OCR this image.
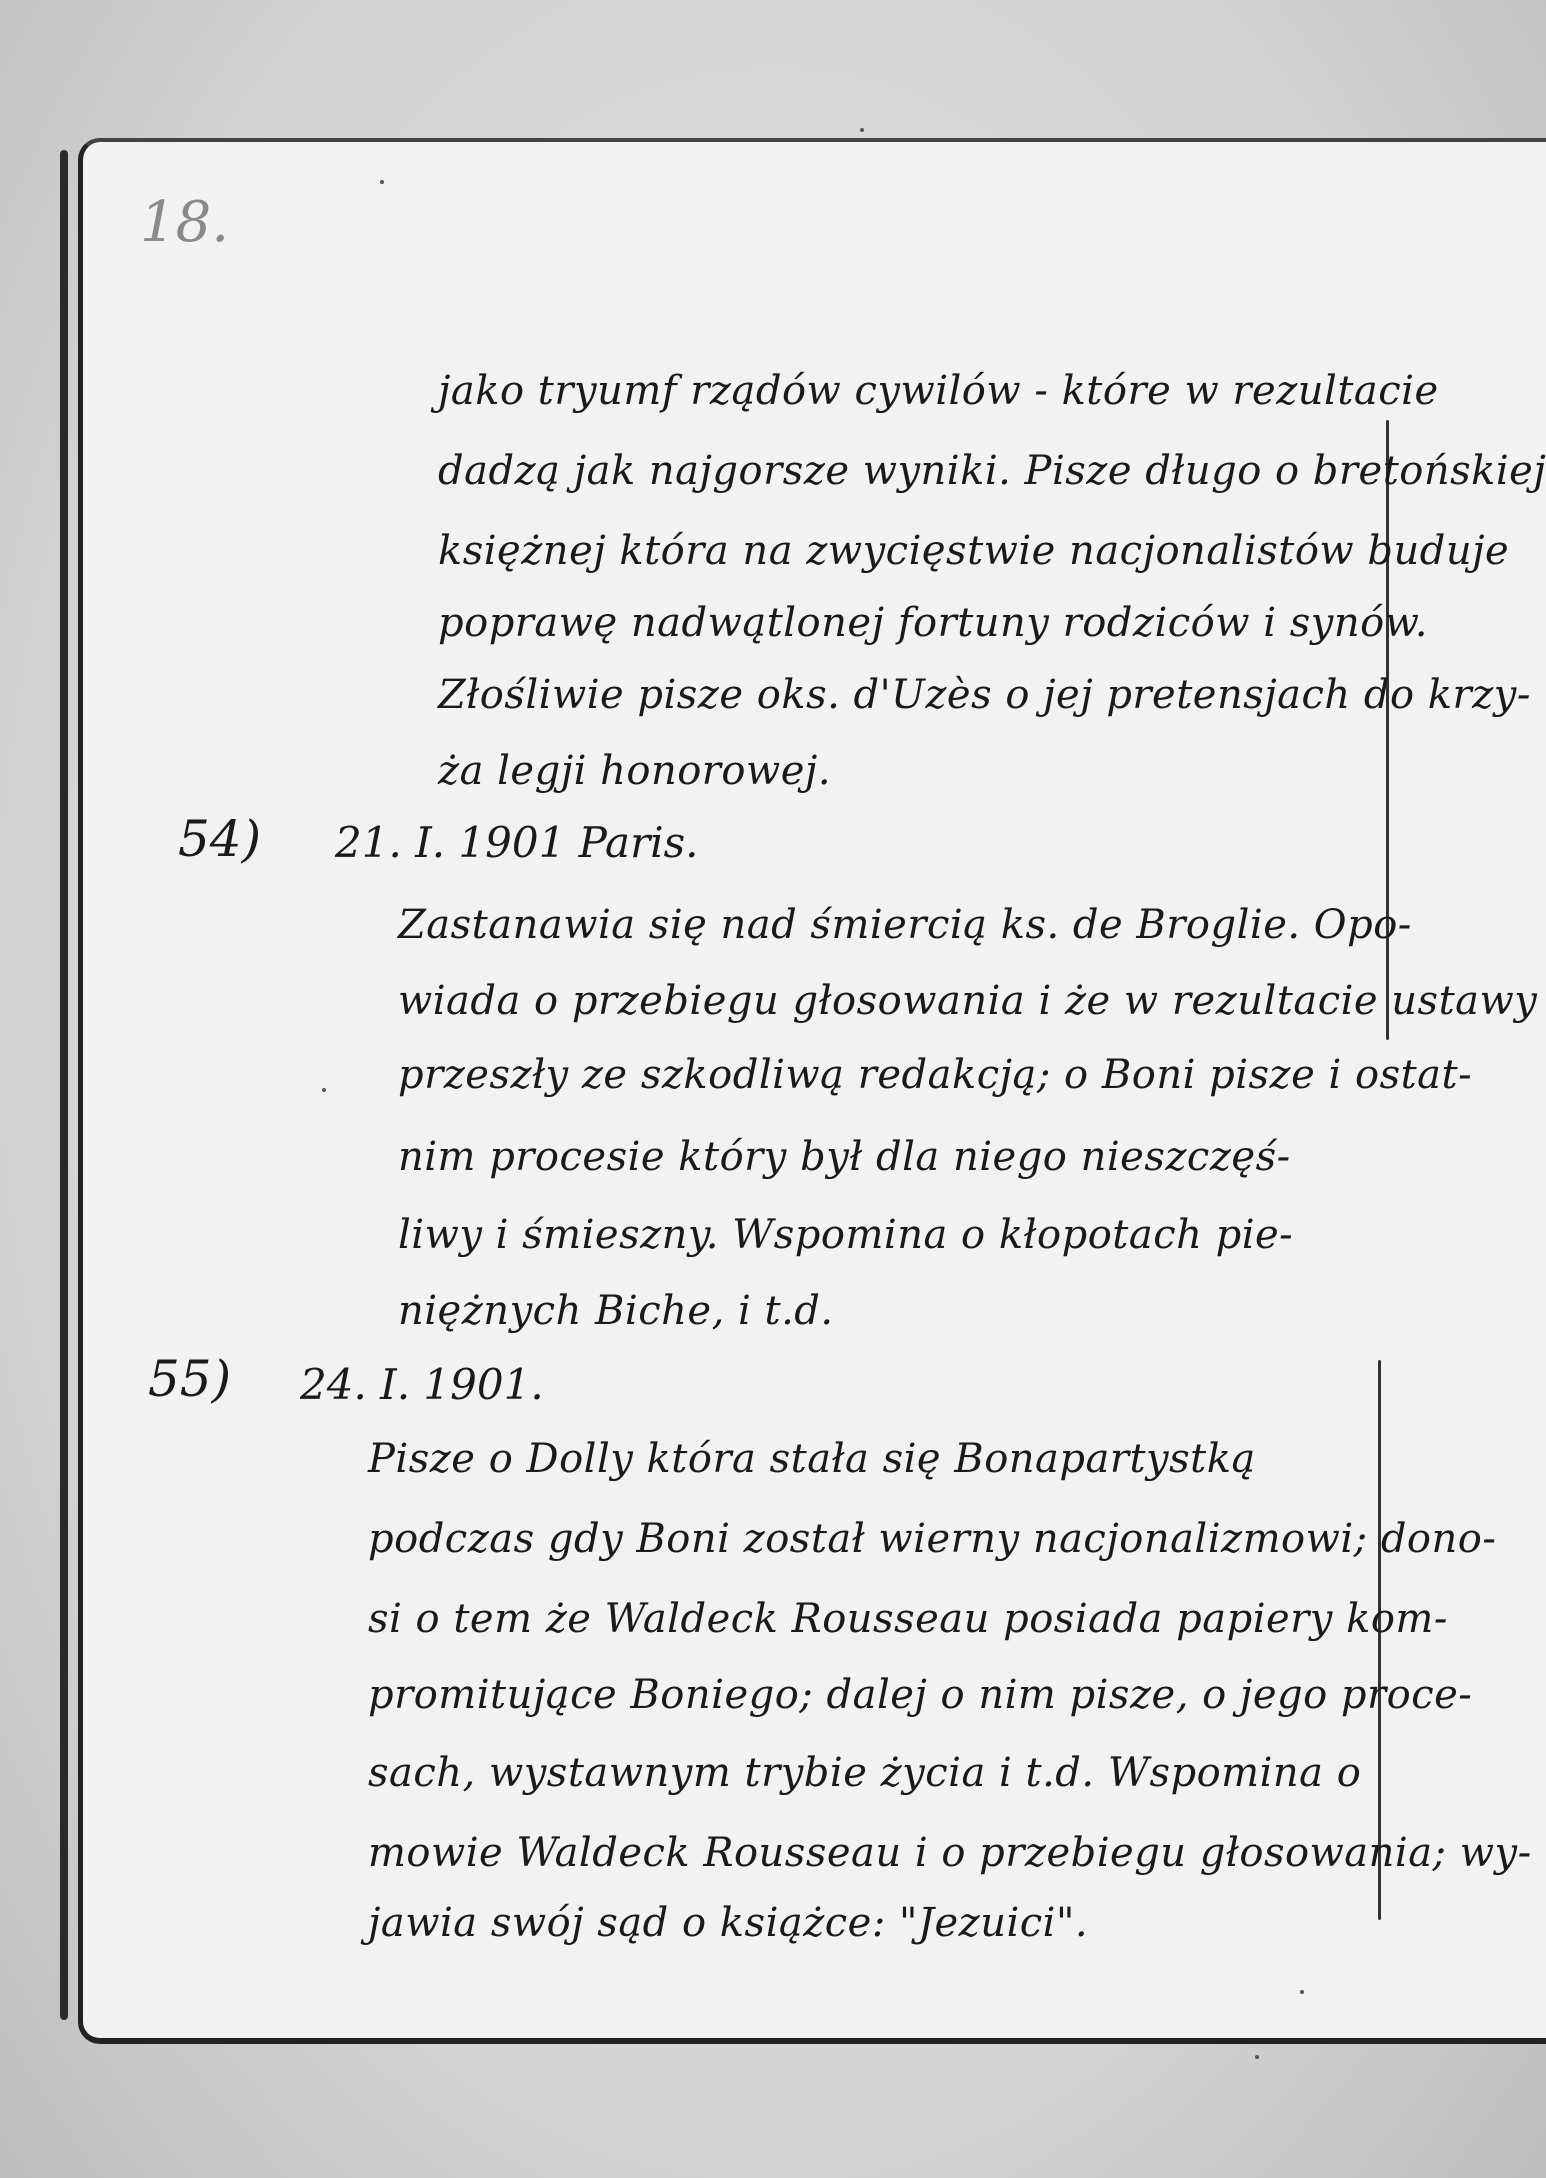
18.
jako tryumf rządów cywilów - które w rezultacie
dadzą jak najgorsze wyniki. Pisze długo o bretońskiej
księżnej która na zwycięstwie nacjonalistów buduje
poprawę nadwątlonej fortuny rodziców i synów.
Złośliwie pisze oks. d'Uzès o jej pretensjach do krzy-
ża legji honorowej.
54) 21. I. 1901 Paris.
Zastanawia się nad śmiercią ks. de Broglie. Opo-
wiada o przebiegu głosowania i że w rezultacie ustawy
przeszły ze szkodliwą redakcją; o Boni pisze i ostat-
nim procesie który był dla niego nieszczęś-
liwy i śmieszny. Wspomina o kłopotach pie-
niężnych Biche, i t.d.
55) 24. I. 1901.
Pisze o Dolly która stała się Bonapartystką
podczas gdy Boni został wierny nacjonalizmowi; dono-
si o tem że Waldeck Rousseau posiada papiery kom-
promitujące Boniego; dalej o nim pisze, o jego proce-
sach, wystawnym trybie życia i t.d. Wspomina o
mowie Waldeck Rousseau i o przebiegu głosowania; wy-
jawia swój sąd o książce: "Jezuici".
